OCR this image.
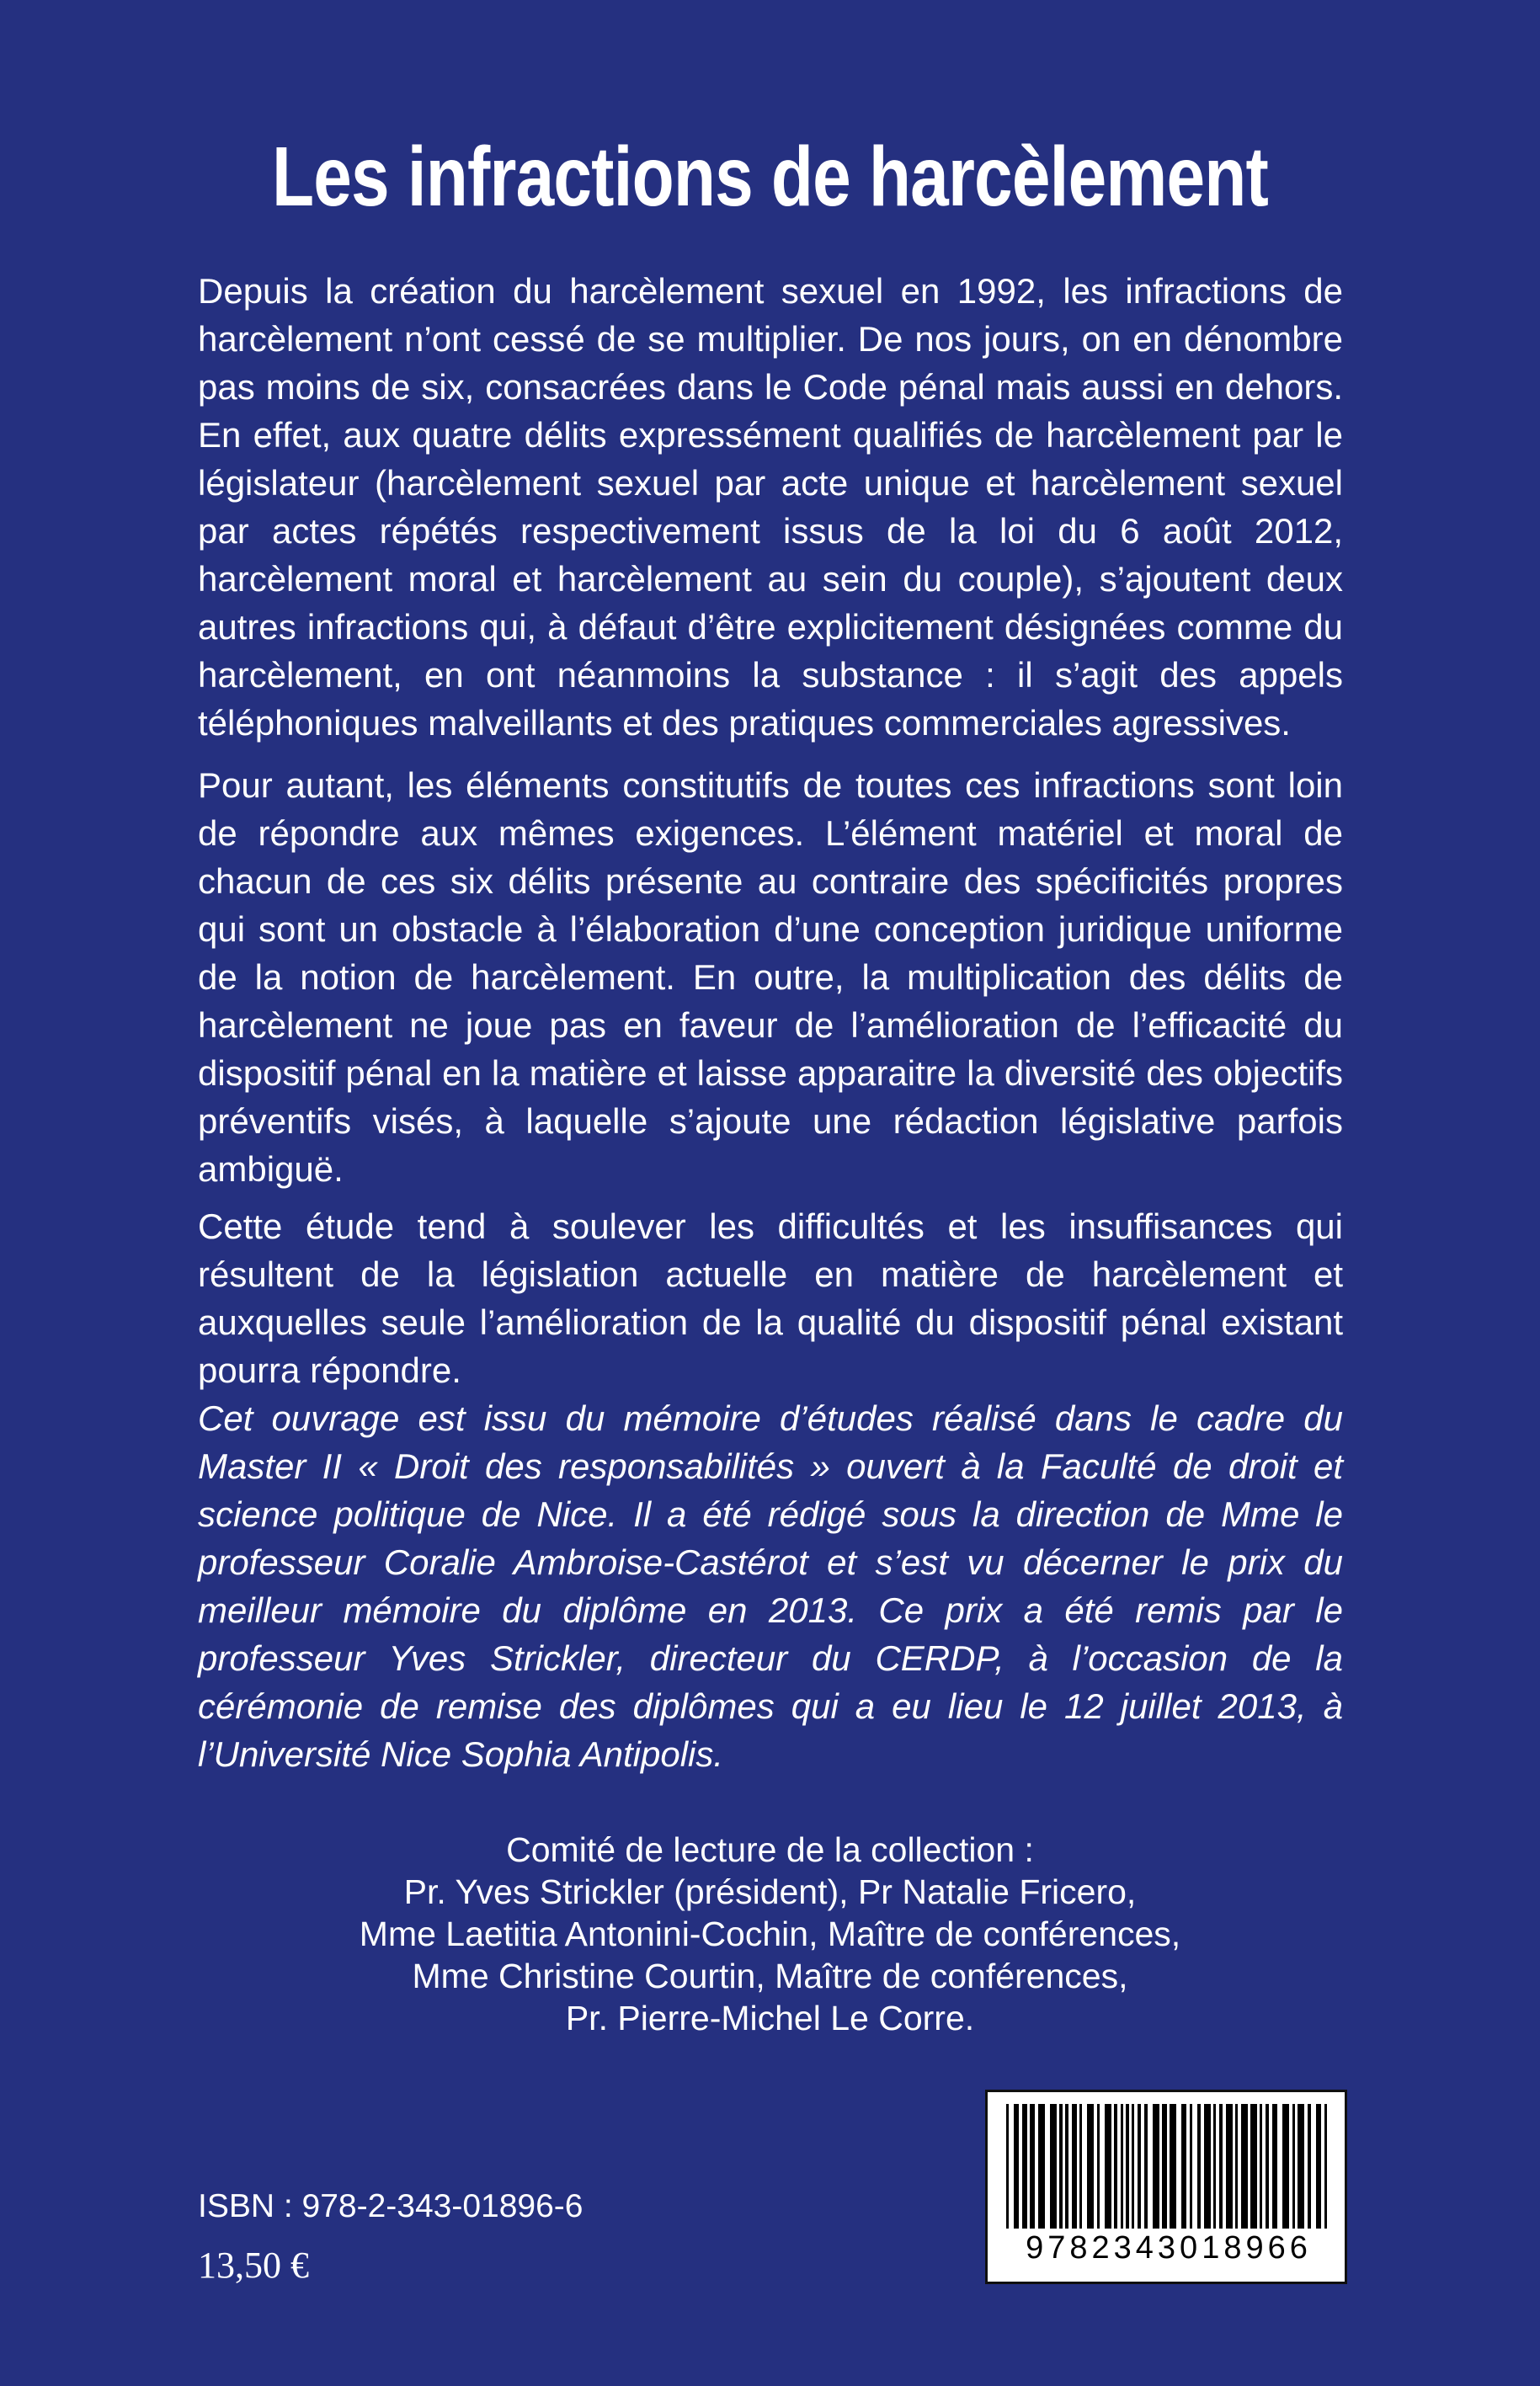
Les infractions de harcèlement

Depuis la création du harcèlement sexuel en 1992, les infractions de harcèlement n’ont cessé de se multiplier. De nos jours, on en dénombre pas moins de six, consacrées dans le Code pénal mais aussi en dehors. En effet, aux quatre délits expressément qualifiés de harcèlement par le législateur (harcèlement sexuel par acte unique et harcèlement sexuel par actes répétés respectivement issus de la loi du 6 août 2012, harcèlement moral et harcèlement au sein du couple), s’ajoutent deux autres infractions qui, à défaut d’être explicitement désignées comme du harcèlement, en ont néanmoins la substance : il s’agit des appels téléphoniques malveillants et des pratiques commerciales agressives.

Pour autant, les éléments constitutifs de toutes ces infractions sont loin de répondre aux mêmes exigences. L’élément matériel et moral de chacun de ces six délits présente au contraire des spécificités propres qui sont un obstacle à l’élaboration d’une conception juridique uniforme de la notion de harcèlement. En outre, la multiplication des délits de harcèlement ne joue pas en faveur de l’amélioration de l’efficacité du dispositif pénal en la matière et laisse apparaitre la diversité des objectifs préventifs visés, à laquelle s’ajoute une rédaction législative parfois ambiguë.

Cette étude tend à soulever les difficultés et les insuffisances qui résultent de la législation actuelle en matière de harcèlement et auxquelles seule l’amélioration de la qualité du dispositif pénal existant pourra répondre.

Cet ouvrage est issu du mémoire d’études réalisé dans le cadre du Master II « Droit des responsabilités » ouvert à la Faculté de droit et science politique de Nice. Il a été rédigé sous la direction de Mme le professeur Coralie Ambroise-Castérot et s’est vu décerner le prix du meilleur mémoire du diplôme en 2013. Ce prix a été remis par le professeur Yves Strickler, directeur du CERDP, à l’occasion de la cérémonie de remise des diplômes qui a eu lieu le 12 juillet 2013, à l’Université Nice Sophia Antipolis.

Comité de lecture de la collection :
Pr. Yves Strickler (président), Pr Natalie Fricero,
Mme Laetitia Antonini-Cochin, Maître de conférences,
Mme Christine Courtin, Maître de conférences,
Pr. Pierre-Michel Le Corre.
ISBN : 978-2-343-01896-6
13,50 €	9782343018966
